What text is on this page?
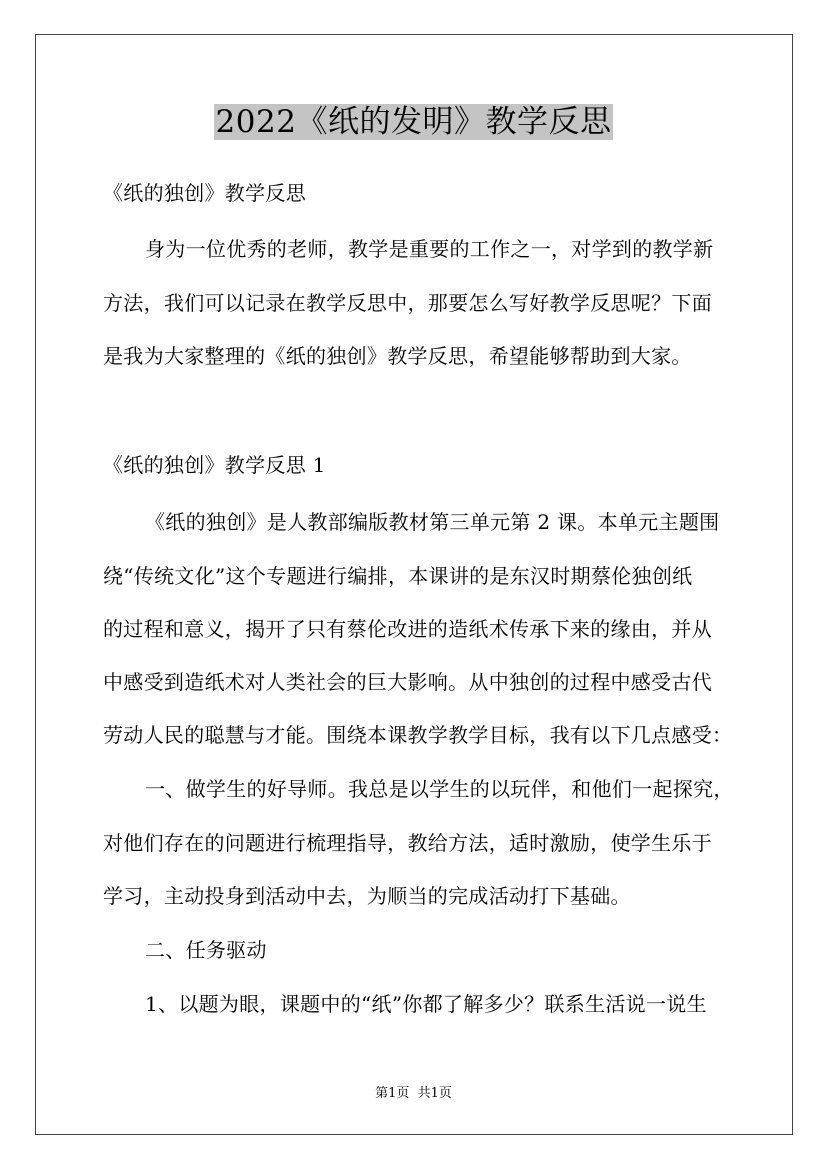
2022《纸的发明》教学反思

《纸的独创》教学反思

身为一位优秀的老师，教学是重要的工作之一，对学到的教学新

方法，我们可以记录在教学反思中，那要怎么写好教学反思呢？下面

是我为大家整理的《纸的独创》教学反思，希望能够帮助到大家。

《纸的独创》教学反思 1

《纸的独创》是人教部编版教材第三单元第 2 课。本单元主题围

绕“传统文化”这个专题进行编排，本课讲的是东汉时期蔡伦独创纸

的过程和意义，揭开了只有蔡伦改进的造纸术传承下来的缘由，并从

中感受到造纸术对人类社会的巨大影响。从中独创的过程中感受古代

劳动人民的聪慧与才能。围绕本课教学教学目标，我有以下几点感受：

一、做学生的好导师。我总是以学生的以玩伴，和他们一起探究，

对他们存在的问题进行梳理指导，教给方法，适时激励，使学生乐于

学习，主动投身到活动中去，为顺当的完成活动打下基础。

二、任务驱动

1、以题为眼，课题中的“纸”你都了解多少？联系生活说一说生

第1页  共1页
